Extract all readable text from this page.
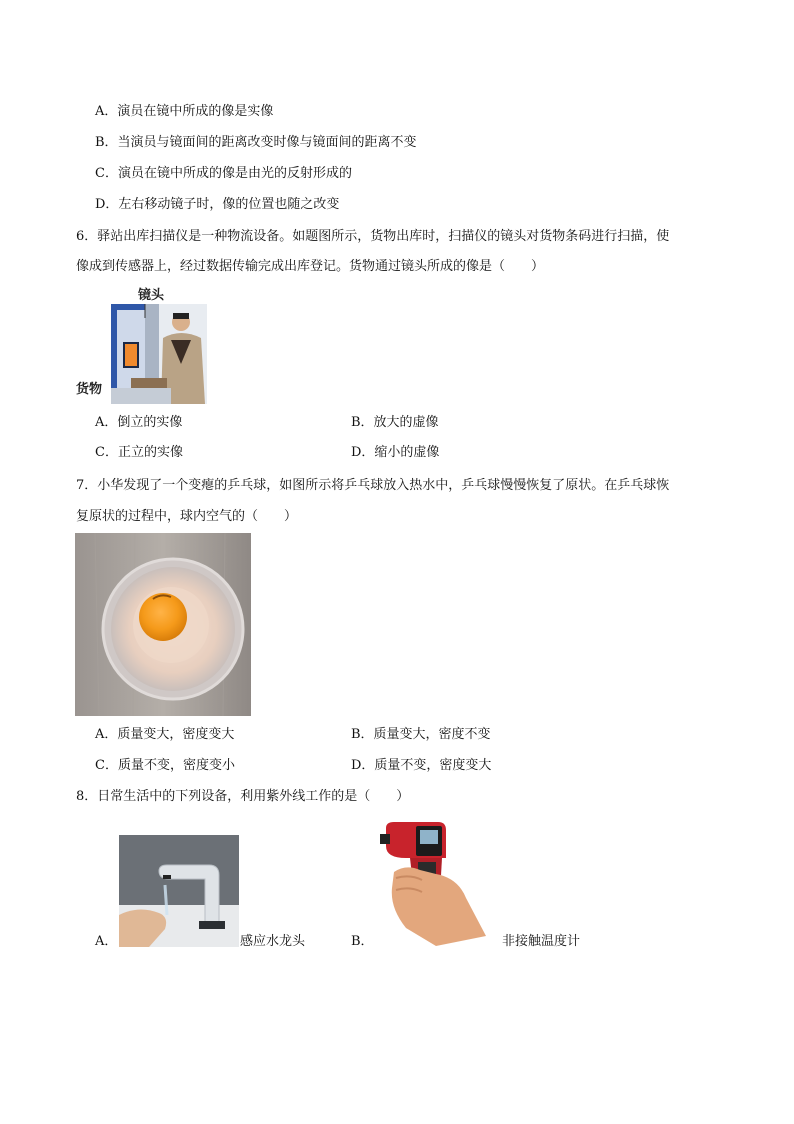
A．演员在镜中所成的像是实像
B．当演员与镜面间的距离改变时像与镜面间的距离不变
C．演员在镜中所成的像是由光的反射形成的
D．左右移动镜子时，像的位置也随之改变
6．驿站出库扫描仪是一种物流设备。如题图所示，货物出库时，扫描仪的镜头对货物条码进行扫描，使
像成到传感器上，经过数据传输完成出库登记。货物通过镜头所成的像是（　　）
镜头
货物
A．倒立的实像	B．放大的虚像
C．正立的实像	D．缩小的虚像
7．小华发现了一个变瘪的乒乓球，如图所示将乒乓球放入热水中，乒乓球慢慢恢复了原状。在乒乓球恢
复原状的过程中，球内空气的（　　）
A．质量变大，密度变大	B．质量变大，密度不变
C．质量不变，密度变小	D．质量不变，密度变大
8．日常生活中的下列设备，利用紫外线工作的是（　　）
A．	感应水龙头	B．	非接触温度计
